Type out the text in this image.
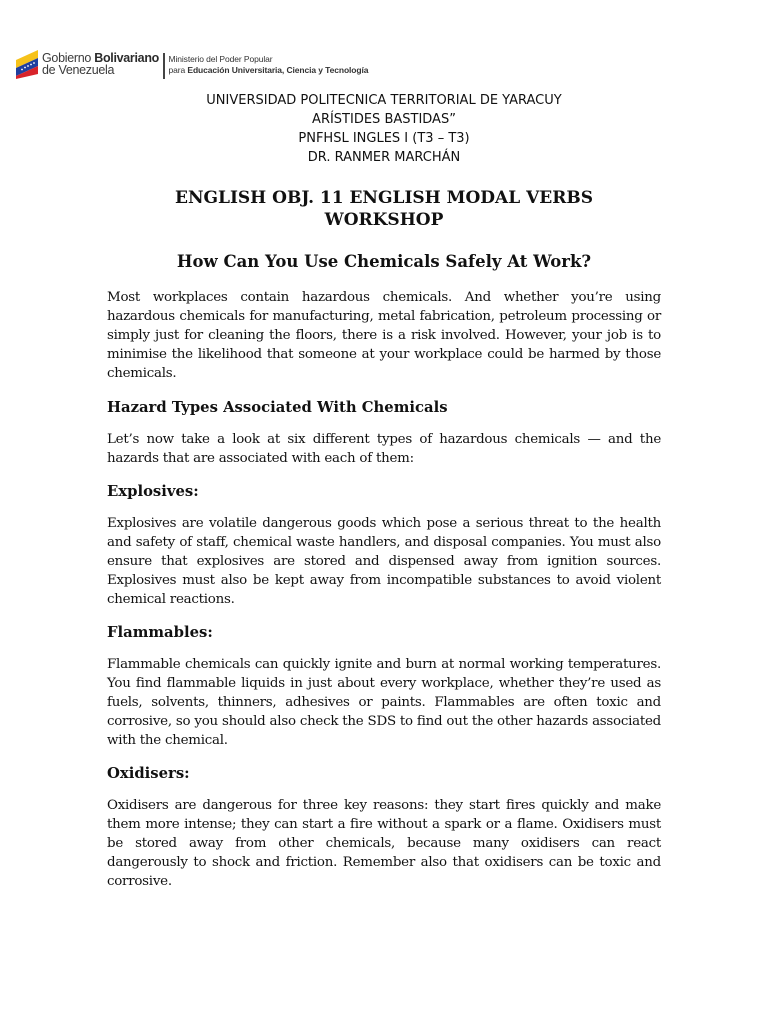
Gobierno Bolivariano
de Venezuela
Ministerio del Poder Popular
para Educación Universitaria, Ciencia y Tecnología
UNIVERSIDAD POLITECNICA TERRITORIAL DE YARACUY
ARÍSTIDES BASTIDAS”
PNFHSL INGLES I (T3 – T3)
DR. RANMER MARCHÁN
ENGLISH OBJ. 11 ENGLISH MODAL VERBS WORKSHOP
How Can You Use Chemicals Safely At Work?

Most workplaces contain hazardous chemicals. And whether you’re using hazardous chemicals for manufacturing, metal fabrication, petroleum processing or simply just for cleaning the floors, there is a risk involved. However, your job is to minimise the likelihood that someone at your workplace could be harmed by those chemicals.

Hazard Types Associated With Chemicals

Let’s now take a look at six different types of hazardous chemicals — and the hazards that are associated with each of them:

Explosives:

Explosives are volatile dangerous goods which pose a serious threat to the health and safety of staff, chemical waste handlers, and disposal companies. You must also ensure that explosives are stored and dispensed away from ignition sources. Explosives must also be kept away from incompatible substances to avoid violent chemical reactions.

Flammables:

Flammable chemicals can quickly ignite and burn at normal working temperatures. You find flammable liquids in just about every workplace, whether they’re used as fuels, solvents, thinners, adhesives or paints. Flammables are often toxic and corrosive, so you should also check the SDS to find out the other hazards associated with the chemical.

Oxidisers:

Oxidisers are dangerous for three key reasons: they start fires quickly and make them more intense; they can start a fire without a spark or a flame. Oxidisers must be stored away from other chemicals, because many oxidisers can react dangerously to shock and friction. Remember also that oxidisers can be toxic and corrosive.
